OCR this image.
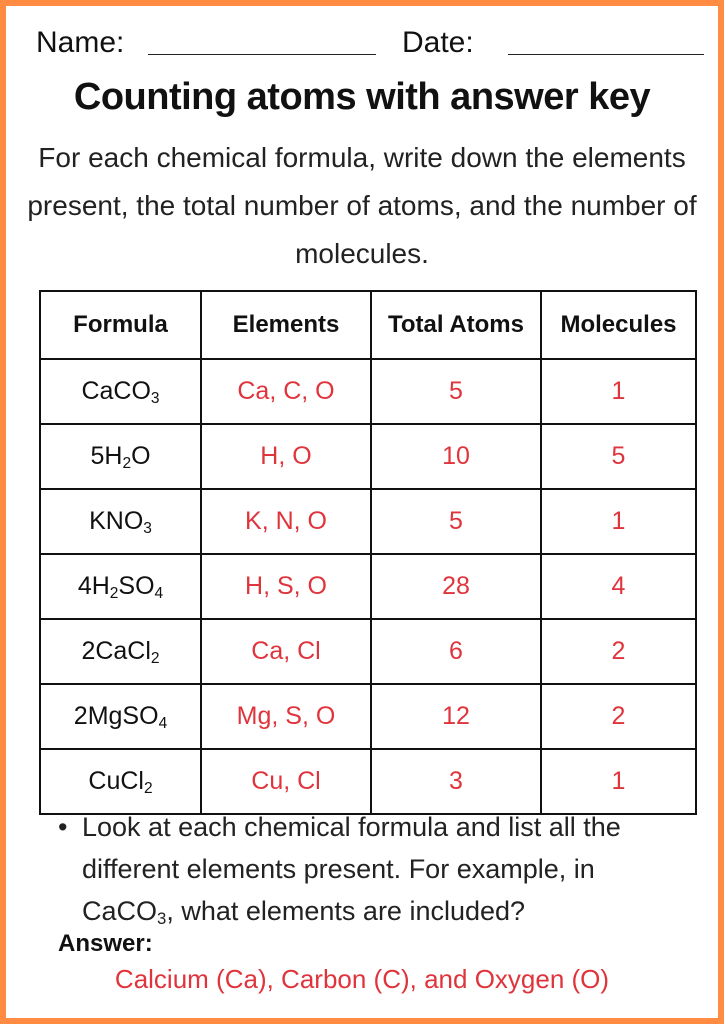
Name:	Date:
Counting atoms with answer key
For each chemical formula, write down the elements present, the total number of atoms, and the number of molecules.
Formula	Elements	Total Atoms	Molecules
CaCO$_3$	Ca, C, O	5	1
$5H_2O$	H, O	10	5
$KNO_3$	K, N, O	5	1
$4H_2SO_4$	H, S, O	28	4
2CaCl$_2$	Ca, Cl	6	2
2MgSO$_4$	Mg, S, O	12	2
CuCl$_2$	Cu, Cl	3	1
• Look at each chemical formula and list all the different elements present. For example, in CaCO$_3$, what elements are included?
Answer:
Calcium (Ca), Carbon (C), and Oxygen (O)
